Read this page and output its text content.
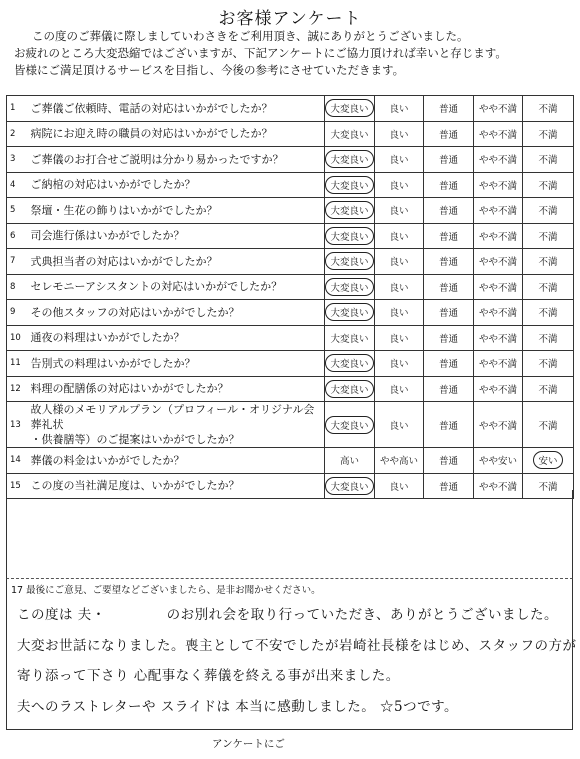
お客様アンケート
この度のご葬儀に際しましていわさきをご利用頂き、誠にありがとうございました。
お疲れのところ大変恐縮ではございますが、下記アンケートにご協力頂ければ幸いと存じます。
皆様にご満足頂けるサービスを目指し、今後の参考にさせていただきます。
1	ご葬儀ご依頼時、電話の対応はいかがでしたか？	大変良い	良い	普通	やや不満	不満
2	病院にお迎え時の職員の対応はいかがでしたか？	大変良い	良い	普通	やや不満	不満
3	ご葬儀のお打合せご説明は分かり易かったですか？	大変良い	良い	普通	やや不満	不満
4	ご納棺の対応はいかがでしたか？	大変良い	良い	普通	やや不満	不満
5	祭壇・生花の飾りはいかがでしたか？	大変良い	良い	普通	やや不満	不満
6	司会進行係はいかがでしたか？	大変良い	良い	普通	やや不満	不満
7	式典担当者の対応はいかがでしたか？	大変良い	良い	普通	やや不満	不満
8	セレモニーアシスタントの対応はいかがでしたか？	大変良い	良い	普通	やや不満	不満
9	その他スタッフの対応はいかがでしたか？	大変良い	良い	普通	やや不満	不満
10	通夜の料理はいかがでしたか？	大変良い	良い	普通	やや不満	不満
11	告別式の料理はいかがでしたか？	大変良い	良い	普通	やや不満	不満
12	料理の配膳係の対応はいかがでしたか？	大変良い	良い	普通	やや不満	不満
13	故人様のメモリアルプラン（プロフィール・オリジナル会葬礼状
・供養膳等）のご提案はいかがでしたか？	大変良い	良い	普通	やや不満	不満
14	葬儀の料金はいかがでしたか？	高い	やや高い	普通	やや安い	安い
15	この度の当社満足度は、いかがでしたか？	大変良い	良い	普通	やや不満	不満
17 最後にご意見、ご要望などございましたら、是非お聞かせください。
この度は 夫・　　　　 のお別れ会を取り行っていただき、ありがとうございました。
大変お世話になりました。喪主として不安でしたが岩崎社長様をはじめ、スタッフの方が
寄り添って下さり 心配事なく葬儀を終える事が出来ました。
夫へのラストレターや スライドは 本当に感動しました。 ☆5つです。
アンケートにご
